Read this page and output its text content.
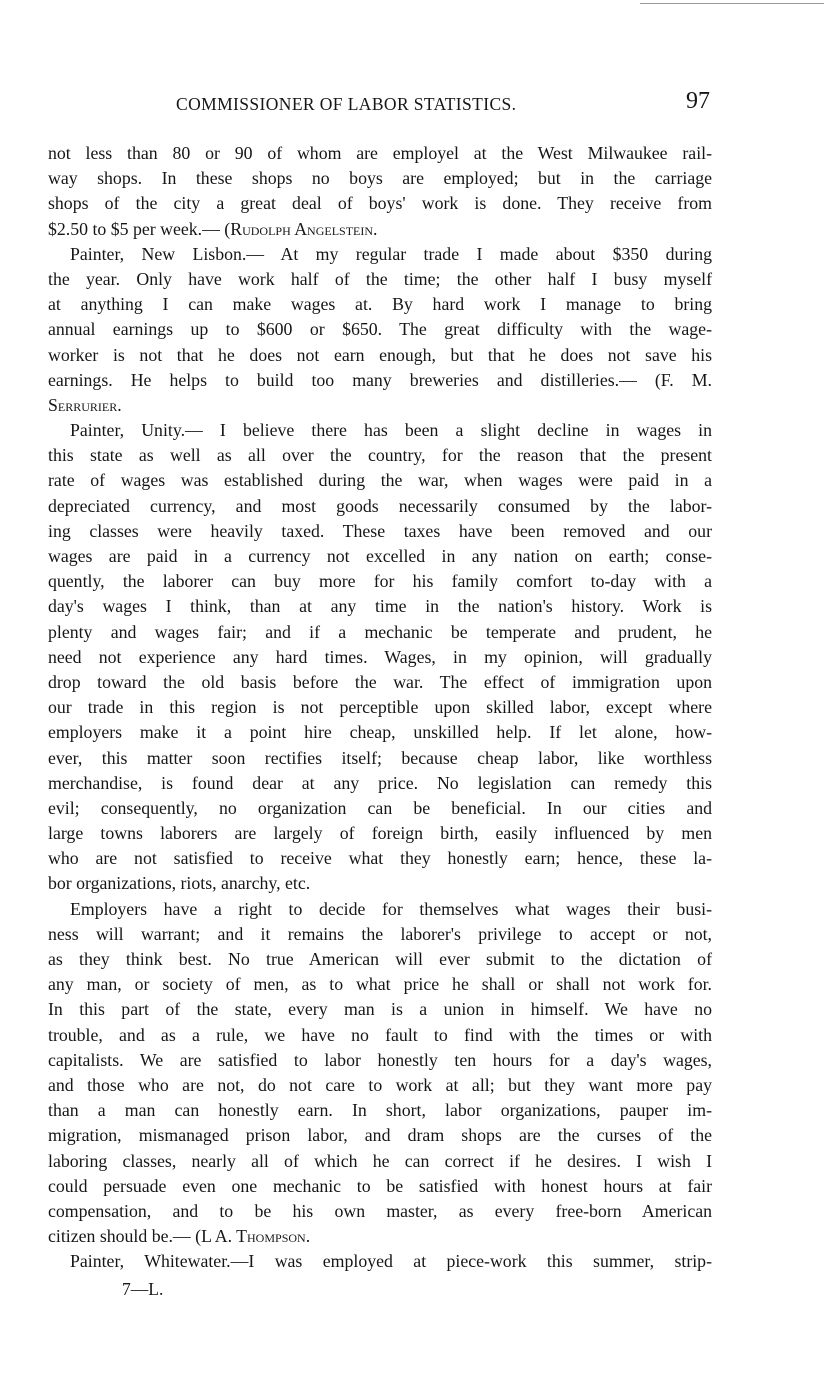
COMMISSIONER OF LABOR STATISTICS.	97
not less than 80 or 90 of whom are employel at the West Milwaukee rail-
way shops. In these shops no boys are employed; but in the carriage
shops of the city a great deal of boys' work is done. They receive from
$2.50 to $5 per week.— (Rudolph Angelstein.
Painter, New Lisbon.— At my regular trade I made about $350 during
the year. Only have work half of the time; the other half I busy myself
at anything I can make wages at. By hard work I manage to bring
annual earnings up to $600 or $650. The great difficulty with the wage-
worker is not that he does not earn enough, but that he does not save his
earnings. He helps to build too many breweries and distilleries.— (F. M.
Serrurier.
Painter, Unity.— I believe there has been a slight decline in wages in
this state as well as all over the country, for the reason that the present
rate of wages was established during the war, when wages were paid in a
depreciated currency, and most goods necessarily consumed by the labor-
ing classes were heavily taxed. These taxes have been removed and our
wages are paid in a currency not excelled in any nation on earth; conse-
quently, the laborer can buy more for his family comfort to-day with a
day's wages I think, than at any time in the nation's history. Work is
plenty and wages fair; and if a mechanic be temperate and prudent, he
need not experience any hard times. Wages, in my opinion, will gradually
drop toward the old basis before the war. The effect of immigration upon
our trade in this region is not perceptible upon skilled labor, except where
employers make it a point hire cheap, unskilled help. If let alone, how-
ever, this matter soon rectifies itself; because cheap labor, like worthless
merchandise, is found dear at any price. No legislation can remedy this
evil; consequently, no organization can be beneficial. In our cities and
large towns laborers are largely of foreign birth, easily influenced by men
who are not satisfied to receive what they honestly earn; hence, these la-
bor organizations, riots, anarchy, etc.
Employers have a right to decide for themselves what wages their busi-
ness will warrant; and it remains the laborer's privilege to accept or not,
as they think best. No true American will ever submit to the dictation of
any man, or society of men, as to what price he shall or shall not work for.
In this part of the state, every man is a union in himself. We have no
trouble, and as a rule, we have no fault to find with the times or with
capitalists. We are satisfied to labor honestly ten hours for a day's wages,
and those who are not, do not care to work at all; but they want more pay
than a man can honestly earn. In short, labor organizations, pauper im-
migration, mismanaged prison labor, and dram shops are the curses of the
laboring classes, nearly all of which he can correct if he desires. I wish I
could persuade even one mechanic to be satisfied with honest hours at fair
compensation, and to be his own master, as every free-born American
citizen should be.— (L A. Thompson.
Painter, Whitewater.—I was employed at piece-work this summer, strip-
7—L.
